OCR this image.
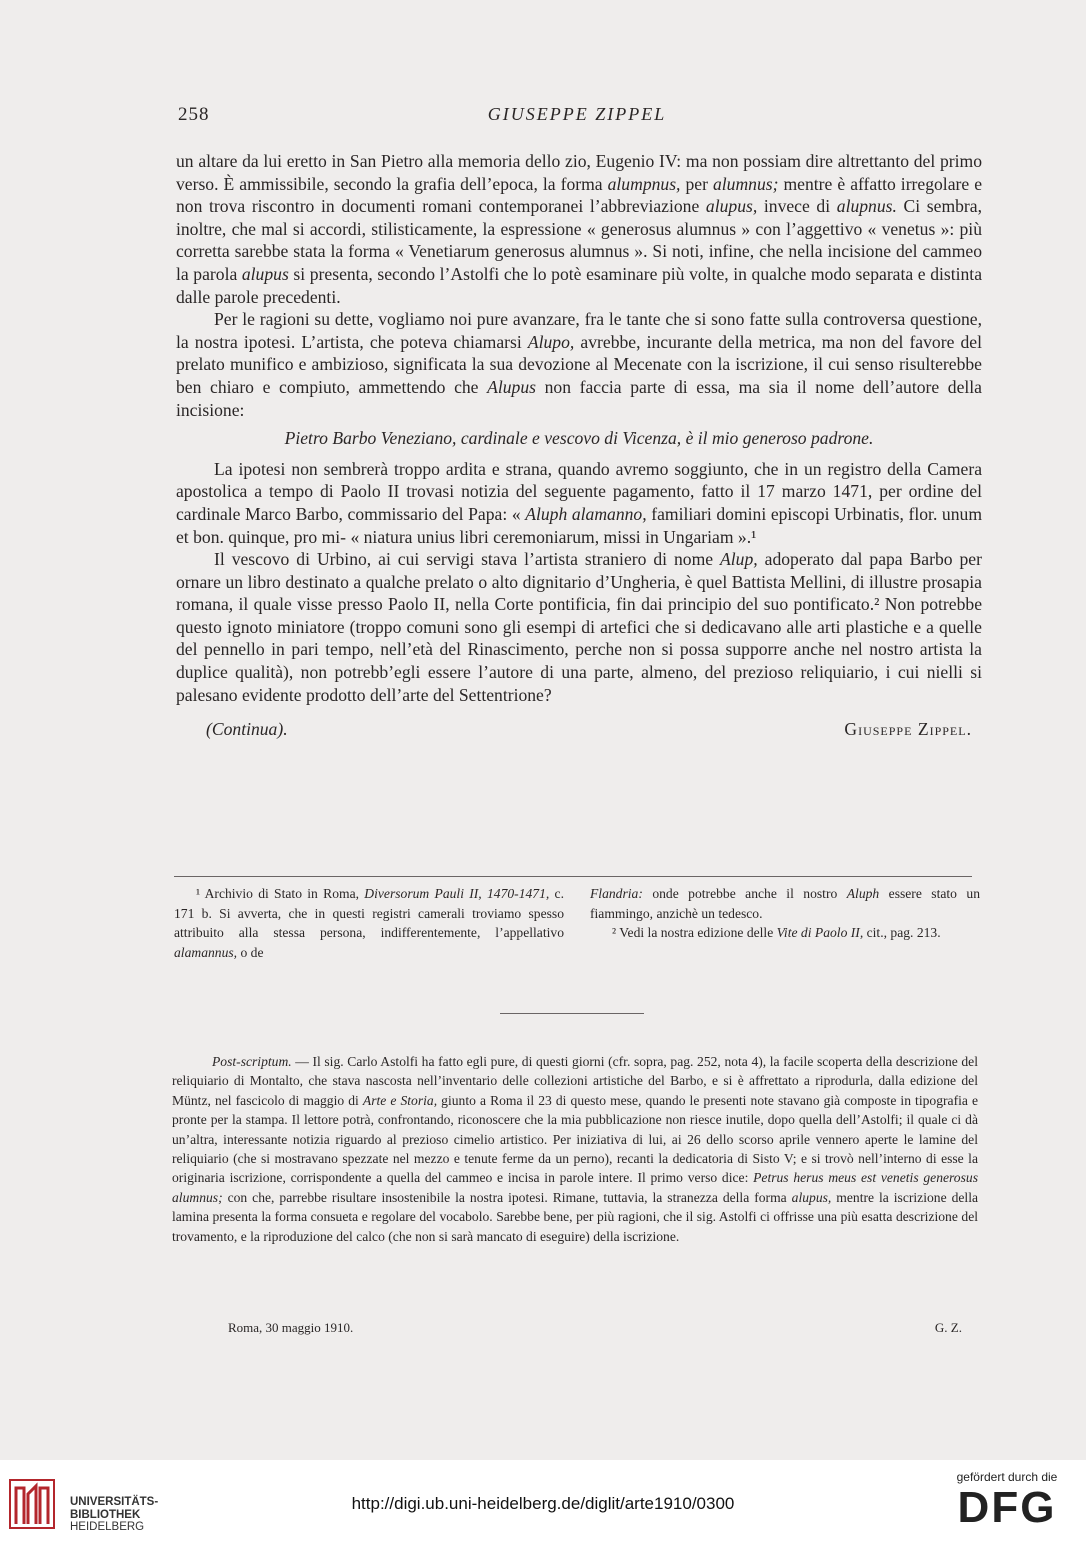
258	GIUSEPPE ZIPPEL

un altare da lui eretto in San Pietro alla memoria dello zio, Eugenio IV: ma non possiam dire altrettanto del primo verso. È ammissibile, secondo la grafia dell’epoca, la forma alumpnus, per alumnus; mentre è affatto irregolare e non trova riscontro in documenti romani contemporanei l’abbreviazione alupus, invece di alupnus. Ci sembra, inoltre, che mal si accordi, stilisticamente, la espressione « generosus alumnus » con l’aggettivo « venetus »: più corretta sarebbe stata la forma « Venetiarum generosus alumnus ». Si noti, infine, che nella incisione del cammeo la parola alupus si presenta, secondo l’Astolfi che lo potè esaminare più volte, in qualche modo separata e distinta dalle parole precedenti.

Per le ragioni su dette, vogliamo noi pure avanzare, fra le tante che si sono fatte sulla controversa questione, la nostra ipotesi. L’artista, che poteva chiamarsi Alupo, avrebbe, incurante della metrica, ma non del favore del prelato munifico e ambizioso, significata la sua devozione al Mecenate con la iscrizione, il cui senso risulterebbe ben chiaro e compiuto, ammettendo che Alupus non faccia parte di essa, ma sia il nome dell’autore della incisione:

Pietro Barbo Veneziano, cardinale e vescovo di Vicenza, è il mio generoso padrone.

La ipotesi non sembrerà troppo ardita e strana, quando avremo soggiunto, che in un registro della Camera apostolica a tempo di Paolo II trovasi notizia del seguente pagamento, fatto il 17 marzo 1471, per ordine del cardinale Marco Barbo, commissario del Papa: « Aluph alamanno, familiari domini episcopi Urbinatis, flor. unum et bon. quinque, pro mi- « niatura unius libri ceremoniarum, missi in Ungariam ».¹

Il vescovo di Urbino, ai cui servigi stava l’artista straniero di nome Alup, adoperato dal papa Barbo per ornare un libro destinato a qualche prelato o alto dignitario d’Ungheria, è quel Battista Mellini, di illustre prosapia romana, il quale visse presso Paolo II, nella Corte pontificia, fin dai principio del suo pontificato.² Non potrebbe questo ignoto miniatore (troppo comuni sono gli esempi di artefici che si dedicavano alle arti plastiche e a quelle del pennello in pari tempo, nell’età del Rinascimento, perche non si possa supporre anche nel nostro artista la duplice qualità), non potrebb’egli essere l’autore di una parte, almeno, del prezioso reliquiario, i cui nielli si palesano evidente prodotto dell’arte del Settentrione?

(Continua).	Giuseppe Zippel.

¹ Archivio di Stato in Roma, Diversorum Pauli II, 1470-1471, c. 171 b. Si avverta, che in questi registri camerali troviamo spesso attribuito alla stessa persona, indifferentemente, l’appellativo alamannus, o de

Flandria: onde potrebbe anche il nostro Aluph essere stato un fiammingo, anzichè un tedesco.

² Vedi la nostra edizione delle Vite di Paolo II, cit., pag. 213.

Post-scriptum. — Il sig. Carlo Astolfi ha fatto egli pure, di questi giorni (cfr. sopra, pag. 252, nota 4), la facile scoperta della descrizione del reliquiario di Montalto, che stava nascosta nell’inventario delle collezioni artistiche del Barbo, e si è affrettato a riprodurla, dalla edizione del Müntz, nel fascicolo di maggio di Arte e Storia, giunto a Roma il 23 di questo mese, quando le presenti note stavano già composte in tipografia e pronte per la stampa. Il lettore potrà, confrontando, riconoscere che la mia pubblicazione non riesce inutile, dopo quella dell’Astolfi; il quale ci dà un’altra, interessante notizia riguardo al prezioso cimelio artistico. Per iniziativa di lui, ai 26 dello scorso aprile vennero aperte le lamine del reliquiario (che si mostravano spezzate nel mezzo e tenute ferme da un perno), recanti la dedicatoria di Sisto V; e si trovò nell’interno di esse la originaria iscrizione, corrispondente a quella del cammeo e incisa in parole intere. Il primo verso dice: Petrus herus meus est venetis generosus alumnus; con che, parrebbe risultare insostenibile la nostra ipotesi. Rimane, tuttavia, la stranezza della forma alupus, mentre la iscrizione della lamina presenta la forma consueta e regolare del vocabolo. Sarebbe bene, per più ragioni, che il sig. Astolfi ci offrisse una più esatta descrizione del trovamento, e la riproduzione del calco (che non si sarà mancato di eseguire) della iscrizione.

Roma, 30 maggio 1910.	G. Z.
UNIVERSITÄTS-
BIBLIOTHEK
HEIDELBERG
http://digi.ub.uni-heidelberg.de/diglit/arte1910/0300
gefördert durch die
DFG
